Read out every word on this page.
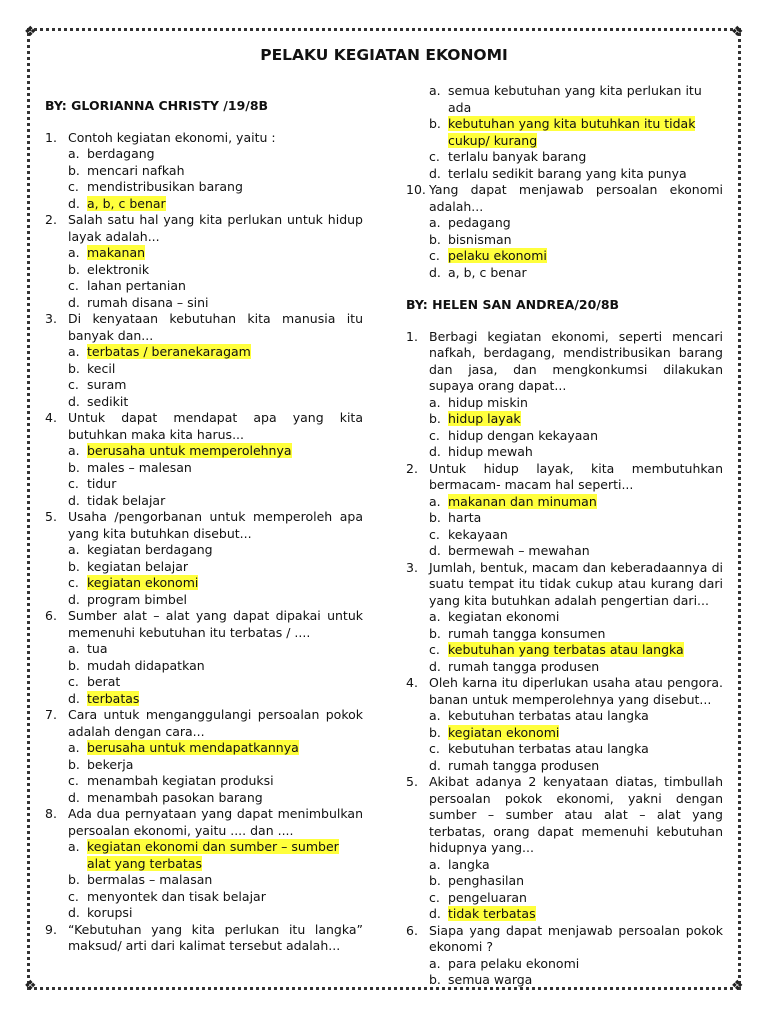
❖	❖
❖	❖
PELAKU KEGIATAN EKONOMI
BY: GLORIANNA CHRISTY /19/8B
1. Contoh kegiatan ekonomi, yaitu :
a. berdagang
b. mencari nafkah
c. mendistribusikan barang
d. a, b, c benar
2. Salah satu hal yang kita perlukan untuk hidup layak adalah...
a. makanan
b. elektronik
c. lahan pertanian
d. rumah disana – sini
3. Di kenyataan kebutuhan kita manusia itu banyak dan...
a. terbatas / beranekaragam
b. kecil
c. suram
d. sedikit
4. Untuk dapat mendapat apa yang kita butuhkan maka kita harus...
a. berusaha untuk memperolehnya
b. males – malesan
c. tidur
d. tidak belajar
5. Usaha /pengorbanan untuk memperoleh apa yang kita butuhkan disebut...
a. kegiatan berdagang
b. kegiatan belajar
c. kegiatan ekonomi
d. program bimbel
6. Sumber alat – alat yang dapat dipakai untuk memenuhi kebutuhan itu terbatas / ....
a. tua
b. mudah didapatkan
c. berat
d. terbatas
7. Cara untuk menganggulangi persoalan pokok adalah dengan cara...
a. berusaha untuk mendapatkannya
b. bekerja
c. menambah kegiatan produksi
d. menambah pasokan barang
8. Ada dua pernyataan yang dapat menimbulkan persoalan ekonomi, yaitu .... dan ....
a. kegiatan ekonomi dan sumber – sumber alat yang terbatas
b. bermalas – malasan
c. menyontek dan tisak belajar
d. korupsi
9. “Kebutuhan yang kita perlukan itu langka” maksud/ arti dari kalimat tersebut adalah...
a. semua kebutuhan yang kita perlukan itu ada
b. kebutuhan yang kita butuhkan itu tidak cukup/ kurang
c. terlalu banyak barang
d. terlalu sedikit barang yang kita punya
10. Yang dapat menjawab persoalan ekonomi adalah...
a. pedagang
b. bisnisman
c. pelaku ekonomi
d. a, b, c benar
BY: HELEN SAN ANDREA/20/8B
1. Berbagi kegiatan ekonomi, seperti mencari nafkah, berdagang, mendistribusikan barang dan jasa, dan mengkonkumsi dilakukan supaya orang dapat...
a. hidup miskin
b. hidup layak
c. hidup dengan kekayaan
d. hidup mewah
2. Untuk hidup layak, kita membutuhkan bermacam- macam hal seperti...
a. makanan dan minuman
b. harta
c. kekayaan
d. bermewah – mewahan
3. Jumlah, bentuk, macam dan keberadaannya di suatu tempat itu tidak cukup atau kurang dari yang kita butuhkan adalah pengertian dari...
a. kegiatan ekonomi
b. rumah tangga konsumen
c. kebutuhan yang terbatas atau langka
d. rumah tangga produsen
4. Oleh karna itu diperlukan usaha atau pengora. banan untuk memperolehnya yang disebut...
a. kebutuhan terbatas atau langka
b. kegiatan ekonomi
c. kebutuhan terbatas atau langka
d. rumah tangga produsen
5. Akibat adanya 2 kenyataan diatas, timbullah persoalan pokok ekonomi, yakni dengan sumber – sumber atau alat – alat yang terbatas, orang dapat memenuhi kebutuhan hidupnya yang...
a. langka
b. penghasilan
c. pengeluaran
d. tidak terbatas
6. Siapa yang dapat menjawab persoalan pokok ekonomi ?
a. para pelaku ekonomi
b. semua warga
